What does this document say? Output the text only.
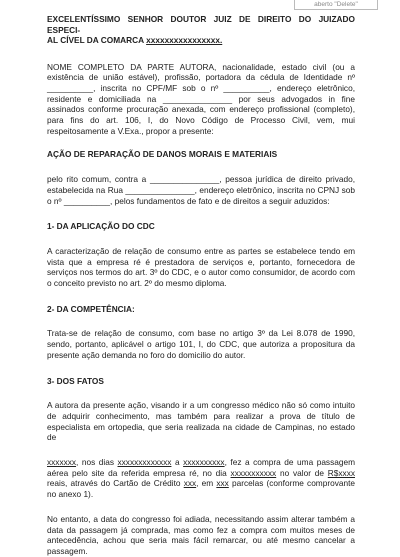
aberto "Delete"

EXCELENTÍSSIMO SENHOR DOUTOR JUIZ DE DIREITO DO JUIZADO ESPECI-
AL CÍVEL DA COMARCA xxxxxxxxxxxxxxxx.

NOME COMPLETO DA PARTE AUTORA, nacionalidade, estado civil (ou a existência de união estável), profissão, portadora da cédula de Identidade nº __________, inscrita no CPF/MF sob o nº __________, endereço eletrônico, residente e domiciliada na _______________ por seus advogados in fine assinados conforme procuração anexada, com endereço profissional (completo), para fins do art. 106, I, do Novo Código de Processo Civil, vem, mui respeitosamente a V.Exa., propor a presente:

AÇÃO DE REPARAÇÃO DE DANOS MORAIS E MATERIAIS

pelo rito comum, contra a _______________, pessoa jurídica de direito privado, estabelecida na Rua _______________, endereço eletrônico, inscrita no CPNJ sob o nº __________, pelos fundamentos de fato e de direitos a seguir aduzidos:

1- DA APLICAÇÃO DO CDC

A caracterização de relação de consumo entre as partes se estabelece tendo em vista que a empresa ré é prestadora de serviços e, portanto, fornecedora de serviços nos termos do art. 3º do CDC, e o autor como consumidor, de acordo com o conceito previsto no art. 2º do mesmo diploma.

2- DA COMPETÊNCIA:

Trata-se de relação de consumo, com base no artigo 3º da Lei 8.078 de 1990, sendo, portanto, aplicável o artigo 101, I, do CDC, que autoriza a propositura da presente ação demanda no foro do domicilio do autor.

3- DOS FATOS

A autora da presente ação, visando ir a um congresso médico não só como intuito de adquirir conhecimento, mas também para realizar a prova de título de especialista em ortopedia, que seria realizada na cidade de Campinas, no estado de

xxxxxxx, nos dias xxxxxxxxxxxxx a xxxxxxxxxx, fez a compra de uma passagem aérea pelo site da referida empresa ré, no dia xxxxxxxxxxx no valor de R$xxxx reais, através do Cartão de Crédito xxx, em xxx parcelas (conforme comprovante no anexo 1).

No entanto, a data do congresso foi adiada, necessitando assim alterar também a data da passagem já comprada, mas como fez a compra com muitos meses de antecedência, achou que seria mais fácil remarcar, ou até mesmo cancelar a passagem.
